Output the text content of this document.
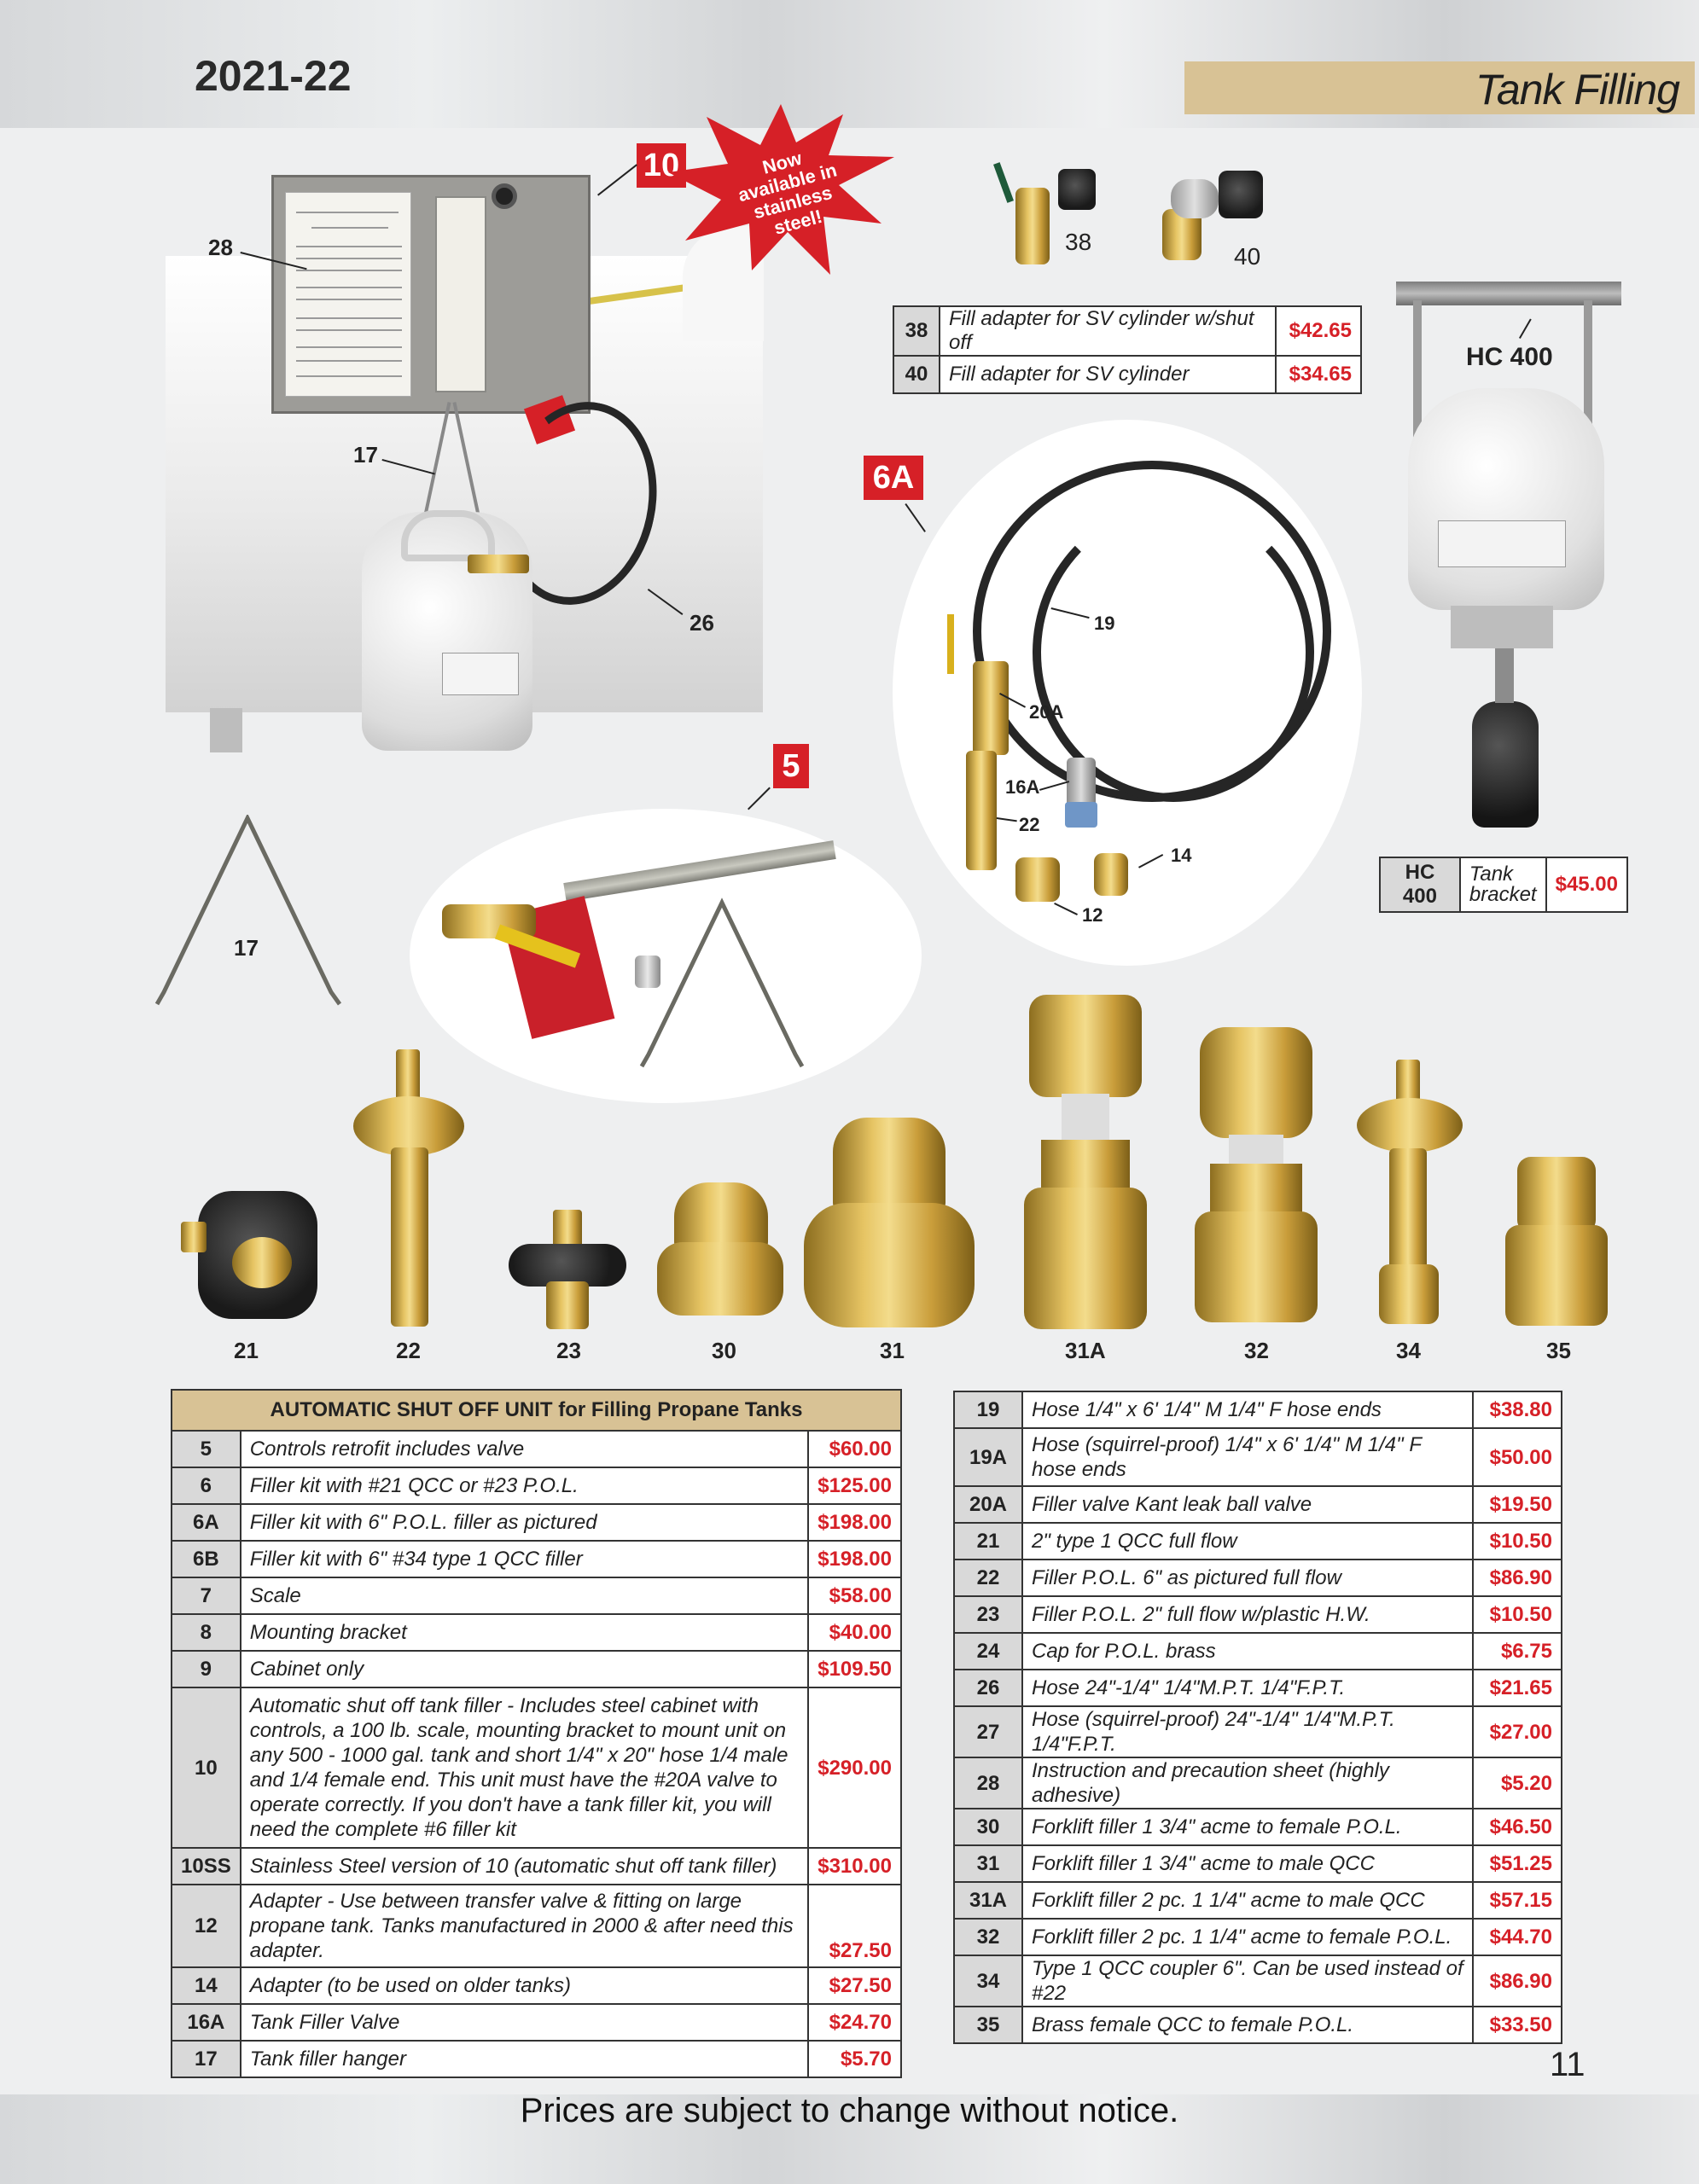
2021-22	Tank Filling
28
17
26
10	Now available in stainless steel!
38
40
38	Fill adapter for SV cylinder w/shut off	$42.65
40	Fill adapter for SV cylinder	$34.65
HC 400
HC 400	Tank bracket	$45.00
6A
19
20A
16A
22
14
12
5
17
21	22	23	30	31	31A	32	34	35
AUTOMATIC SHUT OFF UNIT for Filling Propane Tanks		
5	Controls retrofit includes valve	$60.00
6	Filler kit with #21 QCC or #23 P.O.L.	$125.00
6A	Filler kit with 6" P.O.L. filler as pictured	$198.00
6B	Filler kit with 6" #34 type 1 QCC filler	$198.00
7	Scale	$58.00
8	Mounting bracket	$40.00
9	Cabinet only	$109.50
10	Automatic shut off tank filler - Includes steel cabinet with controls, a 100 lb. scale, mounting bracket to mount unit on any 500 - 1000 gal. tank and short 1/4" x 20" hose 1/4 male and 1/4 female end. This unit must have the #20A valve to operate correctly. If you don't have a tank filler kit, you will need the complete #6 filler kit	$290.00
10SS	Stainless Steel version of 10 (automatic shut off tank filler)	$310.00
12	Adapter - Use between transfer valve & fitting on large propane tank. Tanks manufactured in 2000 & after need this adapter.	$27.50
14	Adapter (to be used on older tanks)	$27.50
16A	Tank Filler Valve	$24.70
17	Tank filler hanger	$5.70
19	Hose 1/4" x 6' 1/4" M 1/4" F hose ends	$38.80
19A	Hose (squirrel-proof) 1/4" x 6' 1/4" M 1/4" F hose ends	$50.00
20A	Filler valve Kant leak ball valve	$19.50
21	2" type 1 QCC full flow	$10.50
22	Filler P.O.L. 6" as pictured full flow	$86.90
23	Filler P.O.L. 2" full flow w/plastic H.W.	$10.50
24	Cap for P.O.L. brass	$6.75
26	Hose 24"-1/4" 1/4"M.P.T. 1/4"F.P.T.	$21.65
27	Hose (squirrel-proof) 24"-1/4" 1/4"M.P.T. 1/4"F.P.T.	$27.00
28	Instruction and precaution sheet (highly adhesive)	$5.20
30	Forklift filler 1 3/4" acme to female P.O.L.	$46.50
31	Forklift filler 1 3/4" acme to male QCC	$51.25
31A	Forklift filler 2 pc. 1 1/4" acme to male QCC	$57.15
32	Forklift filler 2 pc. 1 1/4" acme to female P.O.L.	$44.70
34	Type 1 QCC coupler 6". Can be used instead of #22	$86.90
35	Brass female QCC to female P.O.L.	$33.50
11
Prices are subject to change without notice.
